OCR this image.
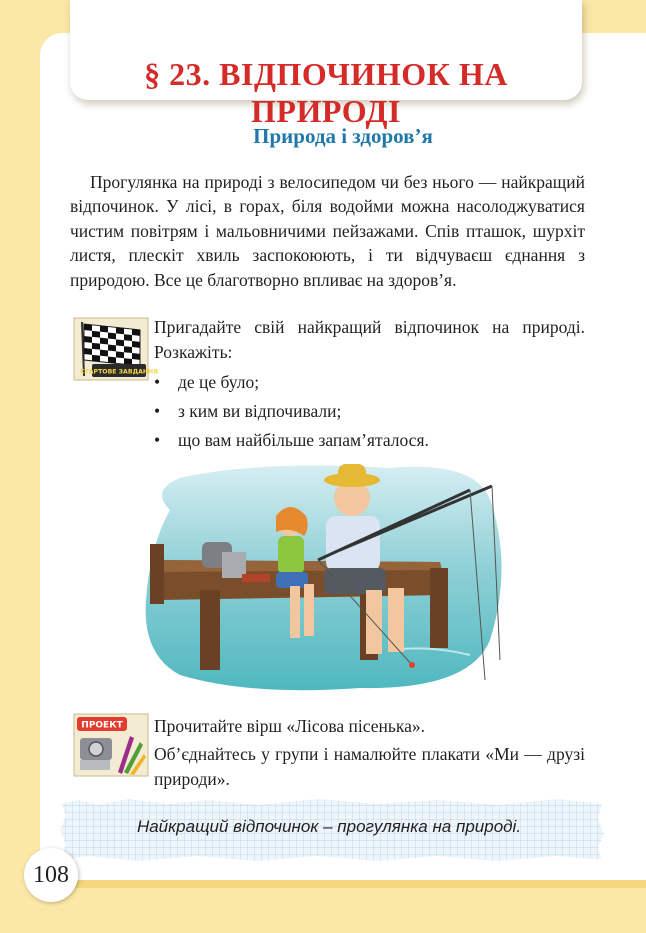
§ 23. ВІДПОЧИНОК НА ПРИРОДІ
Природа і здоров’я

Прогулянка на природі з велосипедом чи без нього — найкращий відпочинок. У лісі, в горах, біля водойми можна насолоджуватися чистим повітрям і мальовничими пейзажами. Спів пташок, шурхіт листя, плескіт хвиль заспокоюють, і ти відчуваєш єднання з природою. Все це благотворно впливає на здоров’я.

СТАРТОВЕ ЗАВДАННЯ

Пригадайте свій найкращий відпочинок на природі. Розкажіть:

• де це було;
• з ким ви відпочивали;
• що вам найбільше запам’яталося.
ПРОЕКТ Прочитайте вірш «Лісова пісенька».

Об’єднайтесь у групи і намалюйте плакати «Ми — друзі природи».

Найкращий відпочинок – прогулянка на природі.
108
